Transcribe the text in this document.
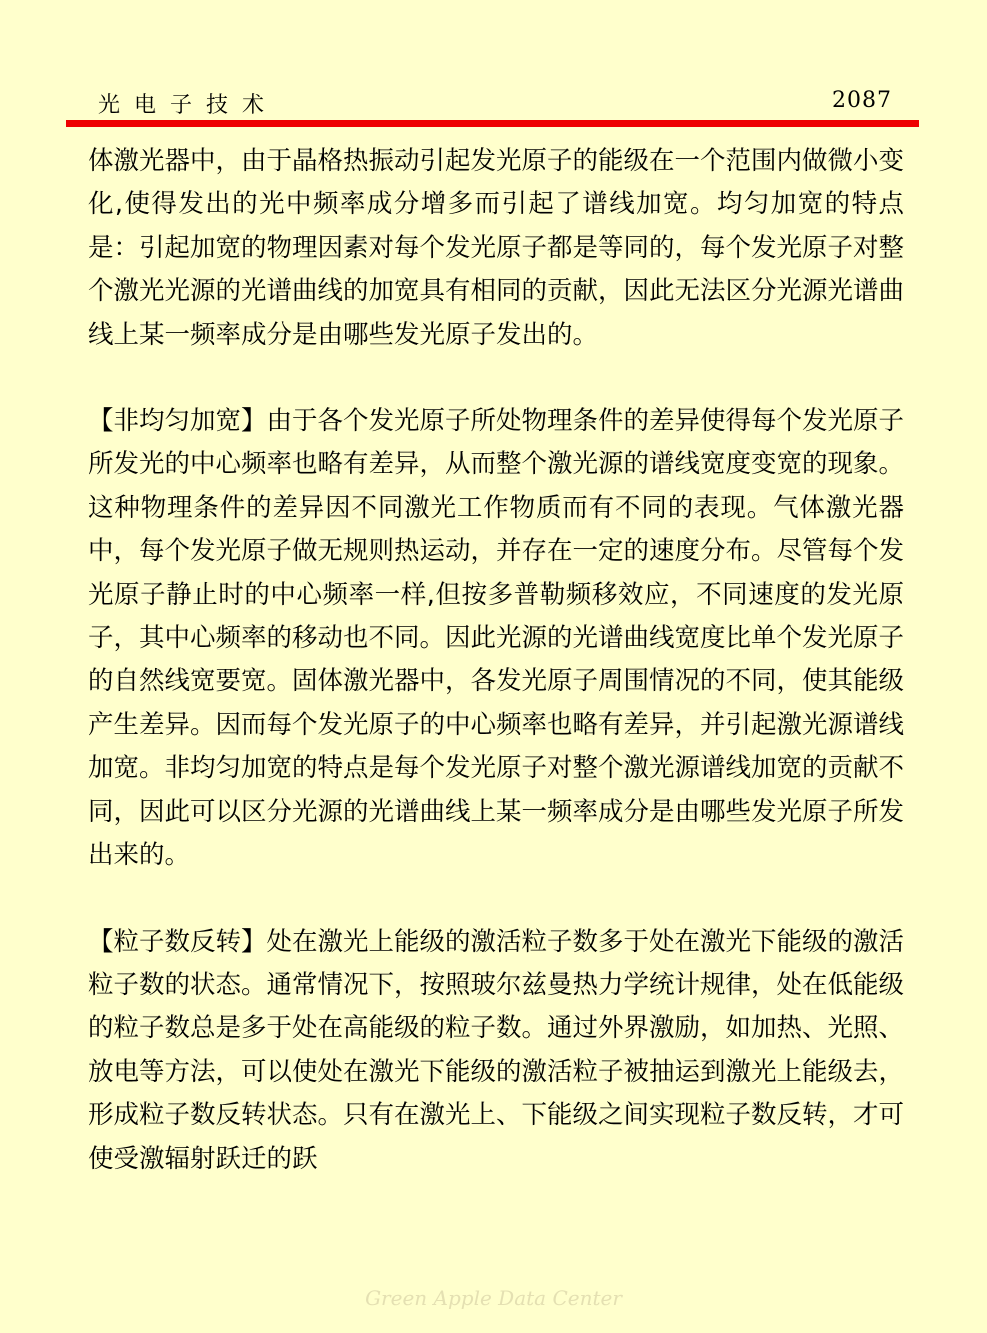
光电子技术	2087

体激光器中，由于晶格热振动引起发光原子的能级在一个范围内做微小变化,使得发出的光中频率成分增多而引起了谱线加宽。均匀加宽的特点是：引起加宽的物理因素对每个发光原子都是等同的，每个发光原子对整个激光光源的光谱曲线的加宽具有相同的贡献，因此无法区分光源光谱曲线上某一频率成分是由哪些发光原子发出的。

【非均匀加宽】由于各个发光原子所处物理条件的差异使得每个发光原子所发光的中心频率也略有差异，从而整个激光源的谱线宽度变宽的现象。这种物理条件的差异因不同激光工作物质而有不同的表现。气体激光器中，每个发光原子做无规则热运动，并存在一定的速度分布。尽管每个发光原子静止时的中心频率一样,但按多普勒频移效应，不同速度的发光原子，其中心频率的移动也不同。因此光源的光谱曲线宽度比单个发光原子的自然线宽要宽。固体激光器中，各发光原子周围情况的不同，使其能级产生差异。因而每个发光原子的中心频率也略有差异，并引起激光源谱线加宽。非均匀加宽的特点是每个发光原子对整个激光源谱线加宽的贡献不同，因此可以区分光源的光谱曲线上某一频率成分是由哪些发光原子所发出来的。

【粒子数反转】处在激光上能级的激活粒子数多于处在激光下能级的激活粒子数的状态。通常情况下，按照玻尔兹曼热力学统计规律，处在低能级的粒子数总是多于处在高能级的粒子数。通过外界激励，如加热、光照、放电等方法，可以使处在激光下能级的激活粒子被抽运到激光上能级去，形成粒子数反转状态。只有在激光上、下能级之间实现粒子数反转，才可使受激辐射跃迁的跃

Green Apple Data Center
